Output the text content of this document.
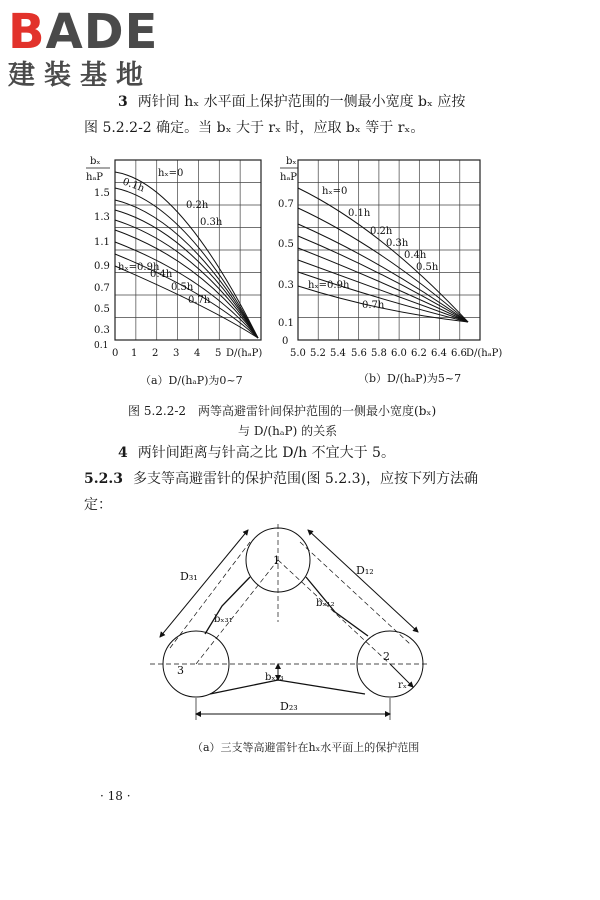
BADE
建装基地
3 两针间 hₓ 水平面上保护范围的一侧最小宽度 bₓ 应按
图 5.2.2-2 确定。当 bₓ 大于 rₓ 时，应取 bₓ 等于 rₓ。
bₓ
hₐP
1.5
1.3
1.1
0.9
0.7
0.5
0.3
0.1
0 1 2 3 4 5 D/(hₐP)
hₓ=0
0.1h
0.2h
0.3h
hₓ=0.9h
0.4h
0.5h
0.7h
bₓ
hₐP
0.7
0.5
0.3
0.1
0
5.0 5.2 5.4 5.6 5.8 6.0 6.2 6.4 6.6 D/(hₐP)
hₓ=0
0.1h
0.2h
0.3h
0.4h
0.5h
hₓ=0.9h
0.7h
（a）D/(hₐP)为0~7	（b）D/(hₐP)为5~7
图 5.2.2-2　两等高避雷针间保护范围的一侧最小宽度(bₓ)
与 D/(hₐP) 的关系
4 两针间距离与针高之比 D/h 不宜大于 5。
5.2.3 多支等高避雷针的保护范围(图 5.2.3)，应按下列方法确
定：
1
2
3
D₃₁	D₁₂
D₂₃
bₓ₃₁
bₓ₁₂
bₓ₂₃
rₓ
（a）三支等高避雷针在hₓ水平面上的保护范围
· 18 ·
